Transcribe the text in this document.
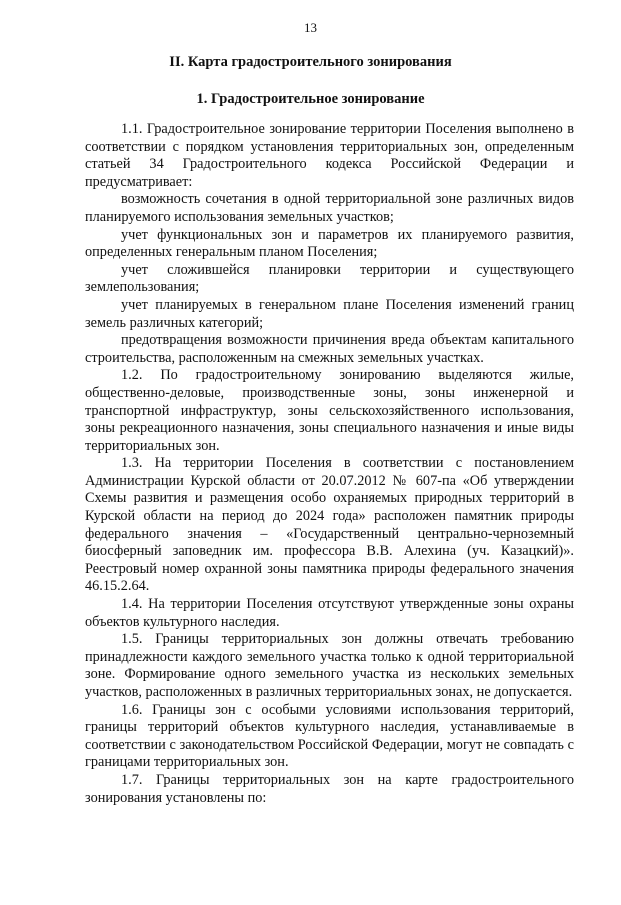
13
II. Карта градостроительного зонирования
1. Градостроительное зонирование

1.1. Градостроительное зонирование территории Поселения выполнено в соответствии с порядком установления территориальных зон, определенным статьей 34 Градостроительного кодекса Российской Федерации и предусматривает:

возможность сочетания в одной территориальной зоне различных видов планируемого использования земельных участков;

учет функциональных зон и параметров их планируемого развития, определенных генеральным планом Поселения;

учет сложившейся планировки территории и существующего землепользования;

учет планируемых в генеральном плане Поселения изменений границ земель различных категорий;

предотвращения возможности причинения вреда объектам капитального строительства, расположенным на смежных земельных участках.

1.2. По градостроительному зонированию выделяются жилые, общественно-деловые, производственные зоны, зоны инженерной и транспортной инфраструктур, зоны сельскохозяйственного использования, зоны рекреационного назначения, зоны специального назначения и иные виды территориальных зон.

1.3. На территории Поселения в соответствии с постановлением Администрации Курской области от 20.07.2012 № 607-па «Об утверждении Схемы развития и размещения особо охраняемых природных территорий в Курской области на период до 2024 года» расположен памятник природы федерального значения – «Государственный центрально-черноземный биосферный заповедник им. профессора В.В. Алехина (уч. Казацкий)». Реестровый номер охранной зоны памятника природы федерального значения 46.15.2.64.

1.4. На территории Поселения отсутствуют утвержденные зоны охраны объектов культурного наследия.

1.5. Границы территориальных зон должны отвечать требованию принадлежности каждого земельного участка только к одной территориальной зоне. Формирование одного земельного участка из нескольких земельных участков, расположенных в различных территориальных зонах, не допускается.

1.6. Границы зон с особыми условиями использования территорий, границы территорий объектов культурного наследия, устанавливаемые в соответствии с законодательством Российской Федерации, могут не совпадать с границами территориальных зон.

1.7. Границы территориальных зон на карте градостроительного зонирования установлены по:
